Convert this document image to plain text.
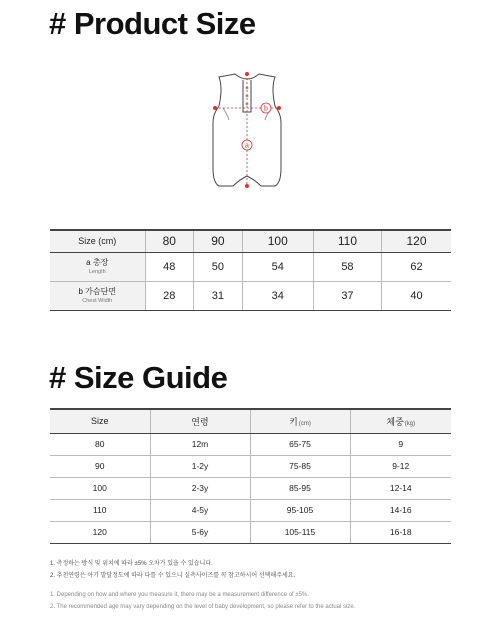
# Product Size
a
b
Size (cm)	80	90	100	110	120

a 총장
Length	48	50	54	58	62

b 가슴단면
Chest Width	28	31	34	37	40
# Size Guide
Size	연령	키(cm)	체중(kg)
80	12m	65-75	9
90	1-2y	75-85	9-12
100	2-3y	85-95	12-14
110	4-5y	95-105	14-16
120	5-6y	105-115	16-18
1. 측정하는 방식 및 위치에 따라 ±5% 오차가 있을 수 있습니다.
2. 추천연령은 아기 발달정도에 따라 다를 수 있으니 실측사이즈를 꼭 참고하시어 선택해주세요.
1. Depending on how and where you measure it, there may be a measurement difference of ±5%.
2. The recommended age may vary depending on the level of baby development, so please refer to the actual size.
